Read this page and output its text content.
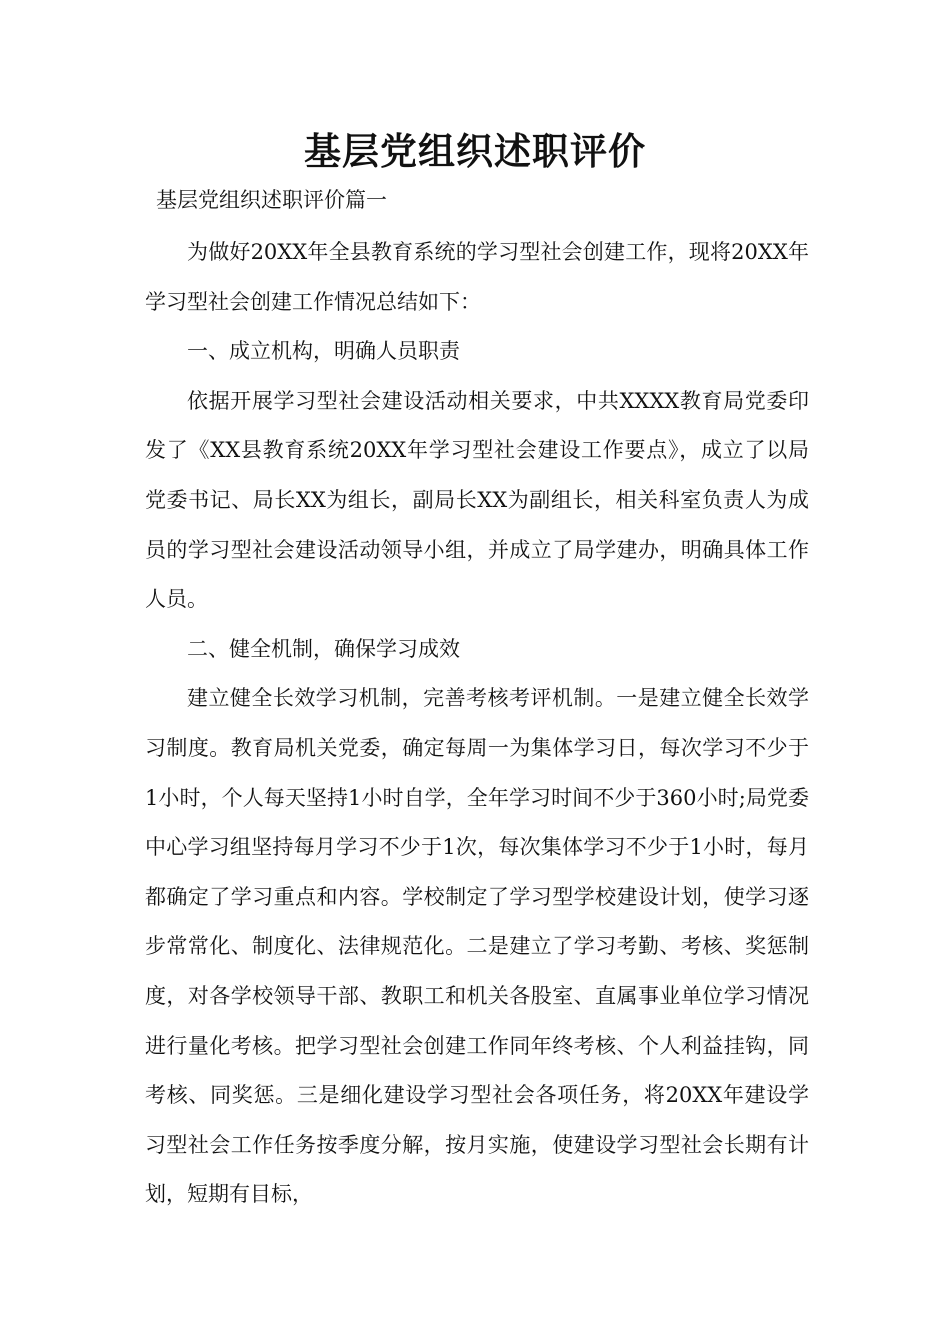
基层党组织述职评价

基层党组织述职评价篇一

为做好20XX年全县教育系统的学习型社会创建工作，现将20XX年学习型社会创建工作情况总结如下：

一、成立机构，明确人员职责

依据开展学习型社会建设活动相关要求，中共XXXX教育局党委印发了《XX县教育系统20XX年学习型社会建设工作要点》，成立了以局党委书记、局长XX为组长，副局长XX为副组长，相关科室负责人为成员的学习型社会建设活动领导小组，并成立了局学建办，明确具体工作人员。

二、健全机制，确保学习成效

建立健全长效学习机制，完善考核考评机制。一是建立健全长效学习制度。教育局机关党委，确定每周一为集体学习日，每次学习不少于1小时，个人每天坚持1小时自学，全年学习时间不少于360小时;局党委中心学习组坚持每月学习不少于1次，每次集体学习不少于1小时，每月都确定了学习重点和内容。学校制定了学习型学校建设计划，使学习逐步常常化、制度化、法律规范化。二是建立了学习考勤、考核、奖惩制度，对各学校领导干部、教职工和机关各股室、直属事业单位学习情况进行量化考核。把学习型社会创建工作同年终考核、个人利益挂钩，同考核、同奖惩。三是细化建设学习型社会各项任务，将20XX年建设学习型社会工作任务按季度分解，按月实施，使建设学习型社会长期有计划，短期有目标，
